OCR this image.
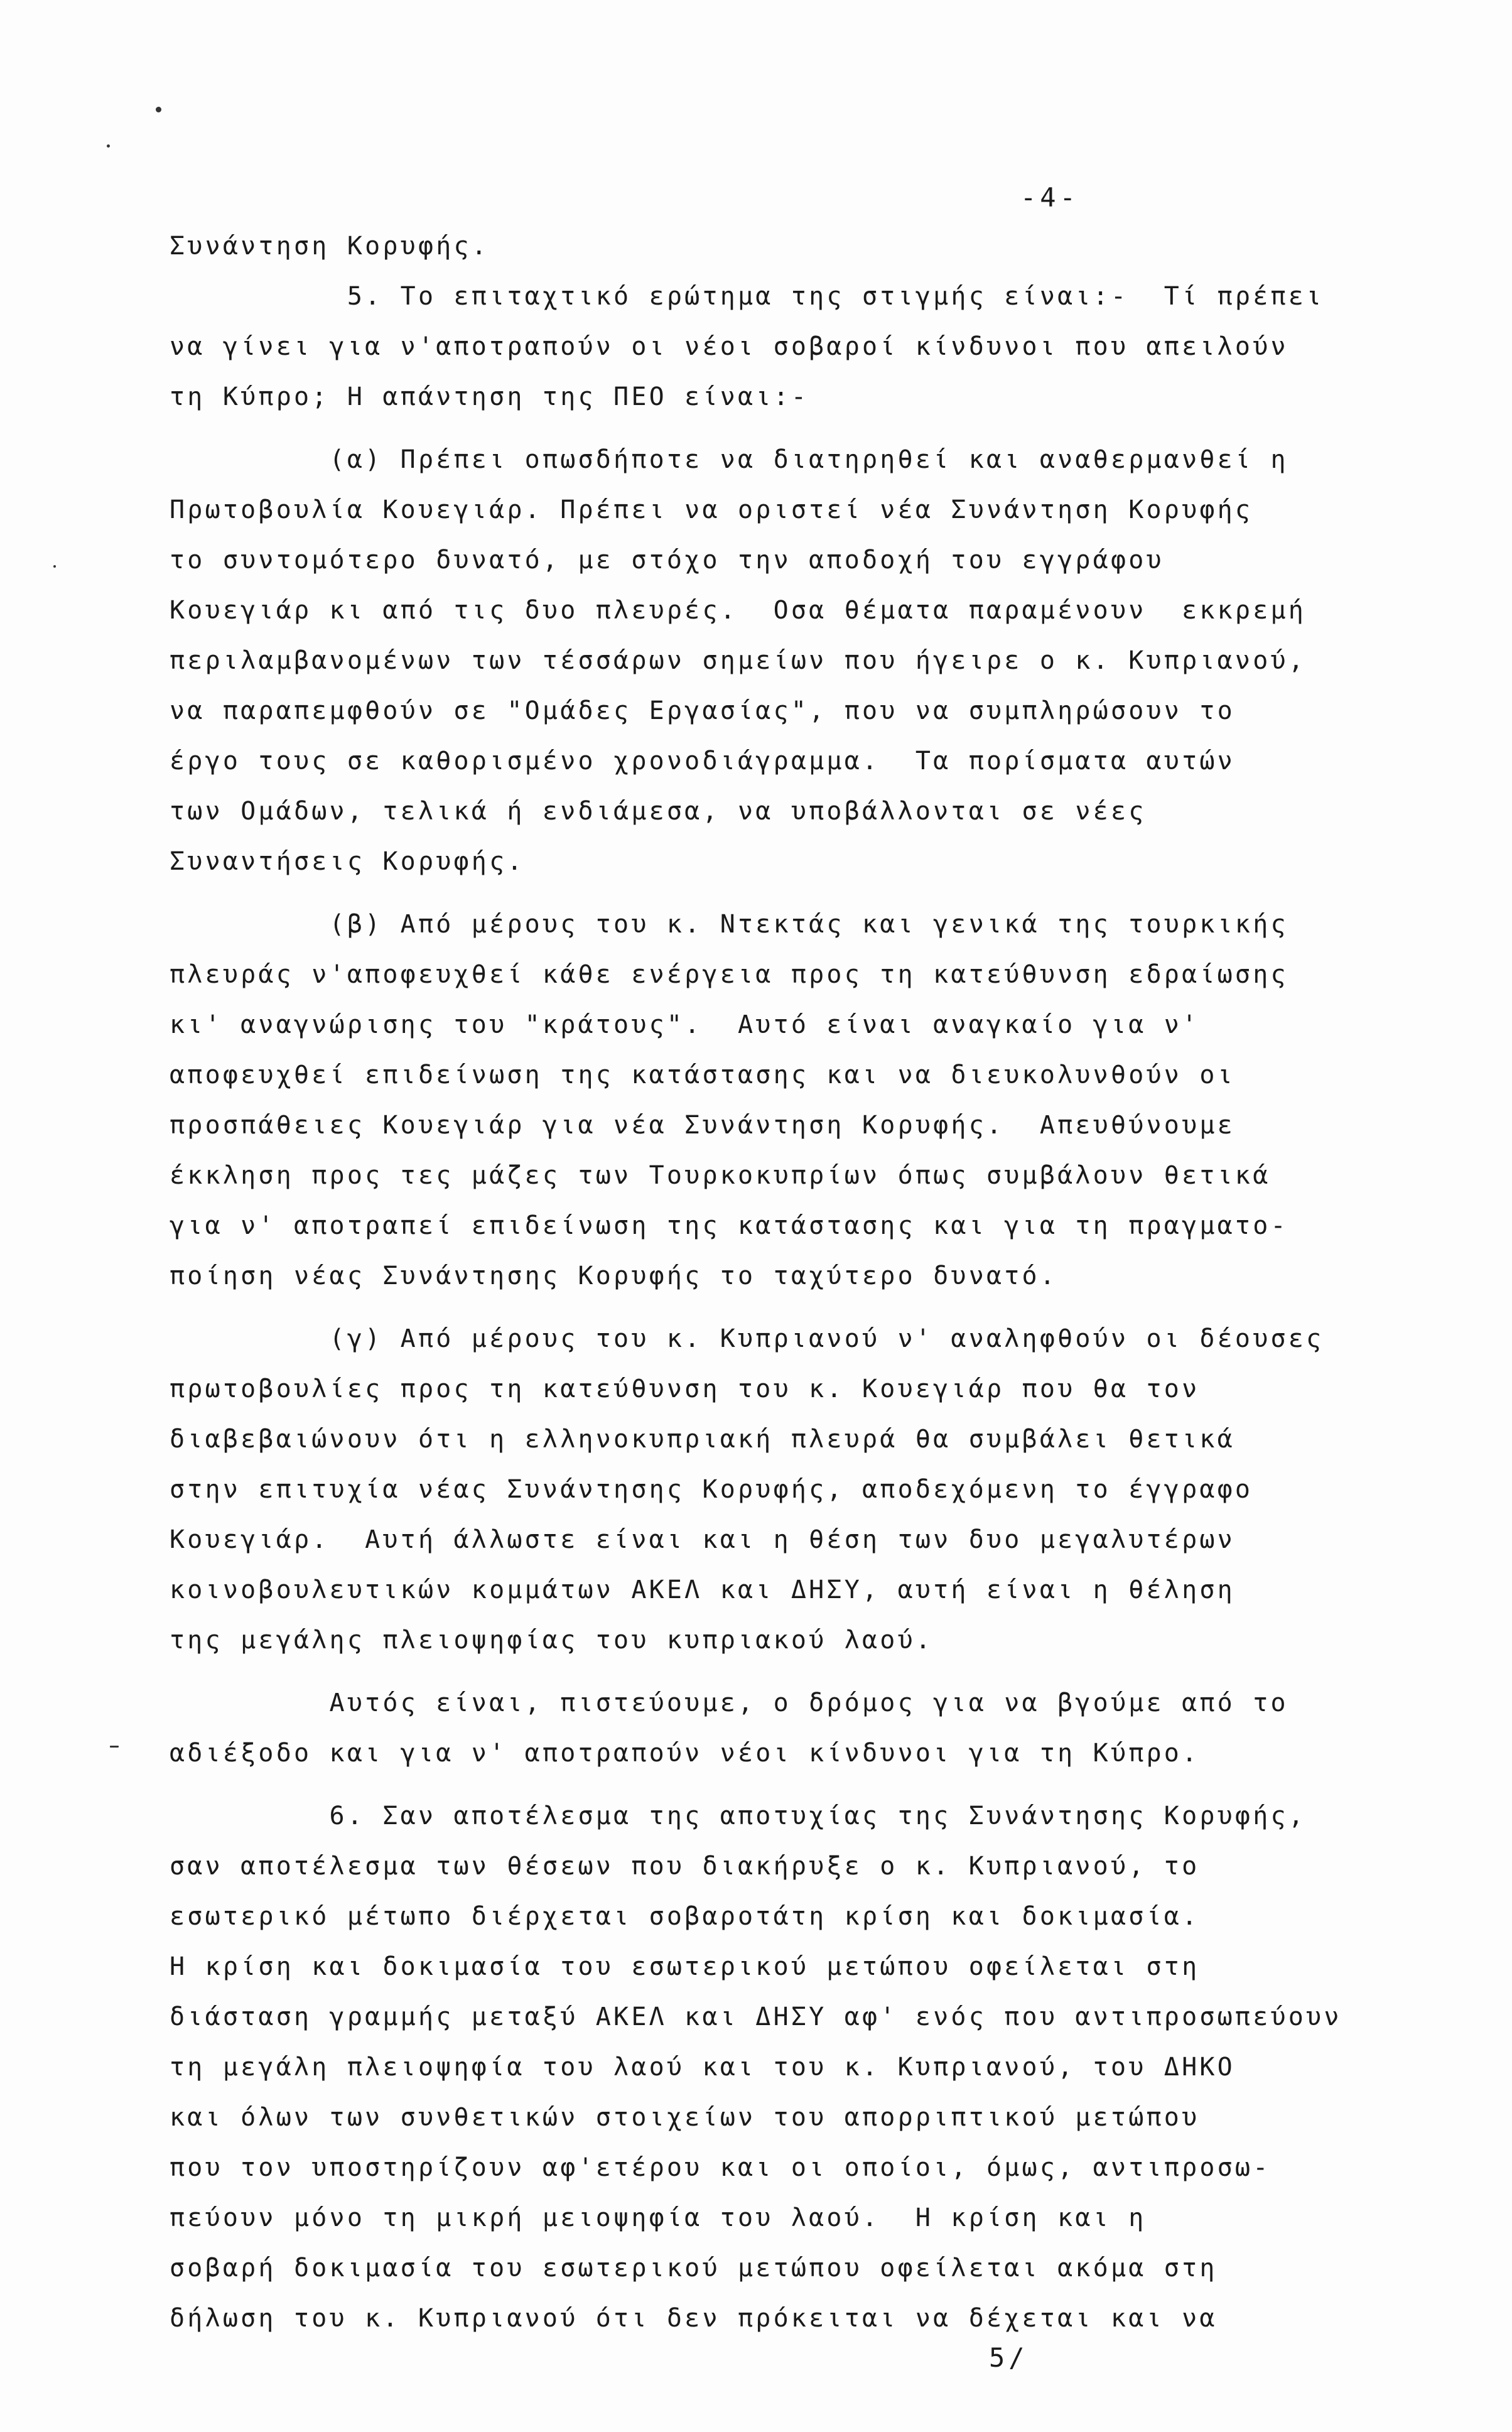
-4-
Συνάντηση Κορυφής.
5. Το επιταχτικό ερώτημα της στιγμής είναι:-  Τί πρέπει
να γίνει για ν'αποτραπούν οι νέοι σοβαροί κίνδυνοι που απειλούν
τη Κύπρο; Η απάντηση της ΠΕΟ είναι:-
(α) Πρέπει οπωσδήποτε να διατηρηθεί και αναθερμανθεί η
Πρωτοβουλία Κουεγιάρ. Πρέπει να οριστεί νέα Συνάντηση Κορυφής
το συντομότερο δυνατό, με στόχο την αποδοχή του εγγράφου
Κουεγιάρ κι από τις δυο πλευρές.  Οσα θέματα παραμένουν  εκκρεμή
περιλαμβανομένων των τέσσάρων σημείων που ήγειρε ο κ. Κυπριανού,
να παραπεμφθούν σε "Ομάδες Εργασίας", που να συμπληρώσουν το
έργο τους σε καθορισμένο χρονοδιάγραμμα.  Τα πορίσματα αυτών
των Ομάδων, τελικά ή ενδιάμεσα, να υποβάλλονται σε νέες
Συναντήσεις Κορυφής.
(β) Από μέρους του κ. Ντεκτάς και γενικά της τουρκικής
πλευράς ν'αποφευχθεί κάθε ενέργεια προς τη κατεύθυνση εδραίωσης
κι' αναγνώρισης του "κράτους".  Αυτό είναι αναγκαίο για ν'
αποφευχθεί επιδείνωση της κατάστασης και να διευκολυνθούν οι
προσπάθειες Κουεγιάρ για νέα Συνάντηση Κορυφής.  Απευθύνουμε
έκκληση προς τες μάζες των Τουρκοκυπρίων όπως συμβάλουν θετικά
για ν' αποτραπεί επιδείνωση της κατάστασης και για τη πραγματο-
ποίηση νέας Συνάντησης Κορυφής το ταχύτερο δυνατό.
(γ) Από μέρους του κ. Κυπριανού ν' αναληφθούν οι δέουσες
πρωτοβουλίες προς τη κατεύθυνση του κ. Κουεγιάρ που θα τον
διαβεβαιώνουν ότι η ελληνοκυπριακή πλευρά θα συμβάλει θετικά
στην επιτυχία νέας Συνάντησης Κορυφής, αποδεχόμενη το έγγραφο
Κουεγιάρ.  Αυτή άλλωστε είναι και η θέση των δυο μεγαλυτέρων
κοινοβουλευτικών κομμάτων ΑΚΕΛ και ΔΗΣΥ, αυτή είναι η θέληση
της μεγάλης πλειοψηφίας του κυπριακού λαού.
Αυτός είναι, πιστεύουμε, ο δρόμος για να βγούμε από το
αδιέξοδο και για ν' αποτραπούν νέοι κίνδυνοι για τη Κύπρο.
6. Σαν αποτέλεσμα της αποτυχίας της Συνάντησης Κορυφής,
σαν αποτέλεσμα των θέσεων που διακήρυξε ο κ. Κυπριανού, το
εσωτερικό μέτωπο διέρχεται σοβαροτάτη κρίση και δοκιμασία.
Η κρίση και δοκιμασία του εσωτερικού μετώπου οφείλεται στη
διάσταση γραμμής μεταξύ ΑΚΕΛ και ΔΗΣΥ αφ' ενός που αντιπροσωπεύουν
τη μεγάλη πλειοψηφία του λαού και του κ. Κυπριανού, του ΔΗΚΟ
και όλων των συνθετικών στοιχείων του απορριπτικού μετώπου
που τον υποστηρίζουν αφ'ετέρου και οι οποίοι, όμως, αντιπροσω-
πεύουν μόνο τη μικρή μειοψηφία του λαού.  Η κρίση και η
σοβαρή δοκιμασία του εσωτερικού μετώπου οφείλεται ακόμα στη
δήλωση του κ. Κυπριανού ότι δεν πρόκειται να δέχεται και να
5/
